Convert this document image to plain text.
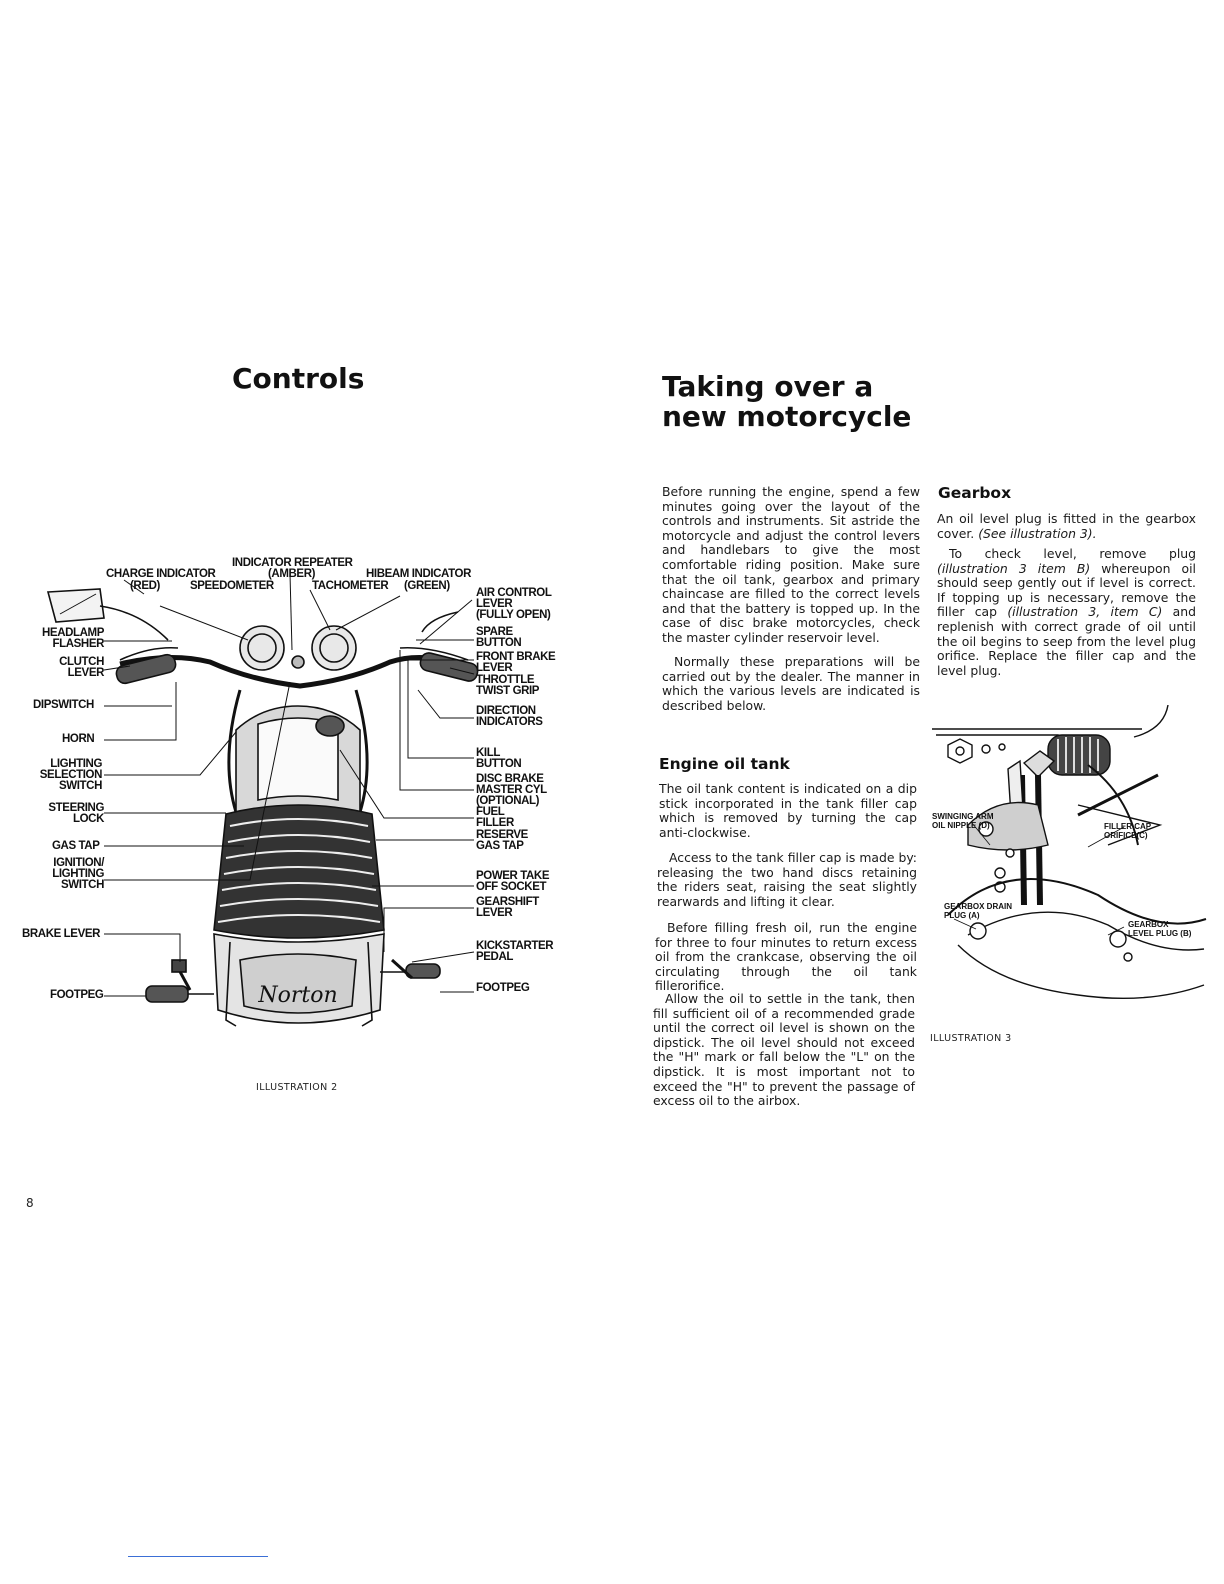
Controls
Norton
INDICATOR REPEATER
(AMBER)
CHARGE INDICATOR
(RED)	SPEEDOMETER
HIBEAM INDICATOR
TACHOMETER (GREEN)
HEADLAMP
FLASHER
CLUTCH
LEVER
DIPSWITCH
HORN
LIGHTING
SELECTION
SWITCH
STEERING
LOCK
GAS TAP
IGNITION/
LIGHTING
SWITCH
BRAKE LEVER
FOOTPEG
AIR CONTROL
LEVER
(FULLY OPEN)
SPARE
BUTTON
FRONT BRAKE
LEVER
THROTTLE
TWIST GRIP
DIRECTION
INDICATORS
KILL
BUTTON
DISC BRAKE
MASTER CYL
(OPTIONAL)
FUEL
FILLER
RESERVE
GAS TAP
POWER TAKE
OFF SOCKET
GEARSHIFT
LEVER
KICKSTARTER
PEDAL
FOOTPEG
ILLUSTRATION 2
8
Taking over a
new motorcycle

Before running the engine, spend a few minutes going over the layout of the controls and instruments. Sit astride the motorcycle and adjust the control levers and handlebars to give the most comfortable riding position. Make sure that the oil tank, gearbox and primary chaincase are filled to the correct levels and that the battery is topped up. In the case of disc brake motorcycles, check the master cylinder reservoir level.

Normally these preparations will be carried out by the dealer. The manner in which the various levels are indicated is described below.

Engine oil tank

The oil tank content is indicated on a dip stick incorporated in the tank filler cap which is removed by turning the cap anti-clockwise.

Access to the tank filler cap is made by: releasing the two hand discs retaining the riders seat, raising the seat slightly rearwards and lifting it clear.

Before filling fresh oil, run the engine for three to four minutes to return excess oil from the crankcase, observing the oil circulating through the oil tank fillerorifice.

Allow the oil to settle in the tank, then fill sufficient oil of a recommended grade until the correct oil level is shown on the dipstick. The oil level should not exceed the "H" mark or fall below the "L" on the dipstick. It is most important not to exceed the "H" to prevent the passage of excess oil to the airbox.

Gearbox

An oil level plug is fitted in the gearbox cover. (See illustration 3).

To check level, remove plug (illustration 3 item B) whereupon oil should seep gently out if level is correct. If topping up is necessary, remove the filler cap (illustration 3, item C) and replenish with correct grade of oil until the oil begins to seep from the level plug orifice. Replace the filler cap and the level plug.

SWINGING ARM
OIL NIPPLE (D)	FILLER CAP
ORIFICE(C)
GEARBOX DRAIN
PLUG (A)
GEARBOX
LEVEL PLUG (B)
ILLUSTRATION 3
